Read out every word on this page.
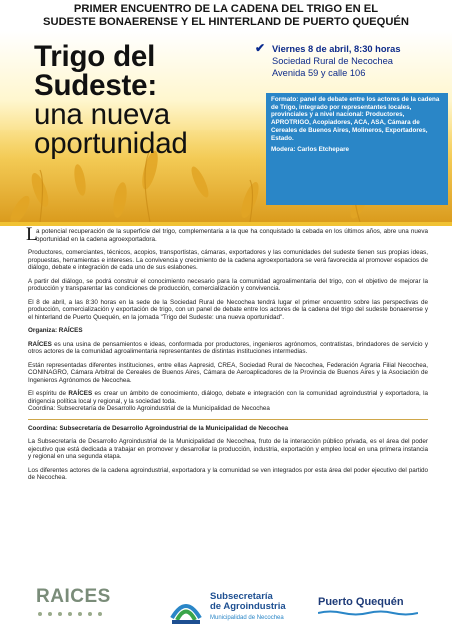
PRIMER ENCUENTRO DE LA CADENA DEL TRIGO EN EL
SUDESTE BONAERENSE Y EL HINTERLAND DE PUERTO QUEQUÉN
Trigo del
Sudeste:
una nueva
oportunidad
✔ Viernes 8 de abril, 8:30 horas
Sociedad Rural de Necochea
Avenida 59 y calle 106
Formato: panel de debate entre los actores de la cadena de Trigo, integrado por representantes locales, provinciales y a nivel nacional: Productores, APROTRIGO, Acopiadores, ACA, ASA, Cámara de Cereales de Buenos Aires, Molineros, Exportadores, Estado.
Modera: Carlos Etchepare

L
a potencial recuperación de la superficie del trigo, complementaria a la que ha conquistado la cebada en los últimos años, abre una nueva oportunidad en la cadena agroexportadora.

Productores, comerciantes, técnicos, acopios, transportistas, cámaras, exportadores y las comunidades del sudeste tienen sus propias ideas, propuestas, herramientas e intereses. La convivencia y crecimiento de la cadena agroexportadora se verá favorecida al promover espacios de diálogo, debate e integración de cada uno de sus eslabones.

A partir del diálogo, se podrá construir el conocimiento necesario para la comunidad agroalimentaria del trigo, con el objetivo de mejorar la producción y transparentar las condiciones de producción, comercialización y convivencia.

El 8 de abril, a las 8:30 horas en la sede de la Sociedad Rural de Necochea tendrá lugar el primer encuentro sobre las perspectivas de producción, comercialización y exportación de trigo, con un panel de debate entre los actores de la cadena del trigo del sudeste bonaerense y el hinterland de Puerto Quequén, en la jornada "Trigo del Sudeste: una nueva oportunidad".

Organiza: RAÍCES

RAÍCES es una usina de pensamientos e ideas, conformada por productores, ingenieros agrónomos, contratistas, brindadores de servicio y otros actores de la comunidad agroalimentaria representantes de distintas instituciones intermedias.

Están representadas diferentes instituciones, entre ellas Aapresid, CREA, Sociedad Rural de Necochea, Federación Agraria Filial Necochea, CONINAGRO, Cámara Arbitral de Cereales de Buenos Aires, Cámara de Aeroaplicadores de la Provincia de Buenos Aires y la Asociación de Ingenieros Agrónomos de Necochea.

El espíritu de RAÍCES es crear un ámbito de conocimiento, diálogo, debate e integración con la comunidad agroindustrial y exportadora, la dirigencia política local y regional, y la sociedad toda.

Coordina: Subsecretaría de Desarrollo Agroindustrial de la Municipalidad de Necochea

Coordina: Subsecretaría de Desarrollo Agroindustrial de la Municipalidad de Necochea

La Subsecretaría de Desarrollo Agroindustrial de la Municipalidad de Necochea, fruto de la interacción público privada, es el área del poder ejecutivo que está dedicada a trabajar en promover y desarrollar la producción, industria, exportación y empleo local en una primera instancia y regional en una segunda etapa.

Los diferentes actores de la cadena agroindustrial, exportadora y la comunidad se ven integrados por esta área del poder ejecutivo del partido de Necochea.

RAICES	Subsecretaría
de Agroindustria
Municipalidad de Necochea
Puerto Quequén
